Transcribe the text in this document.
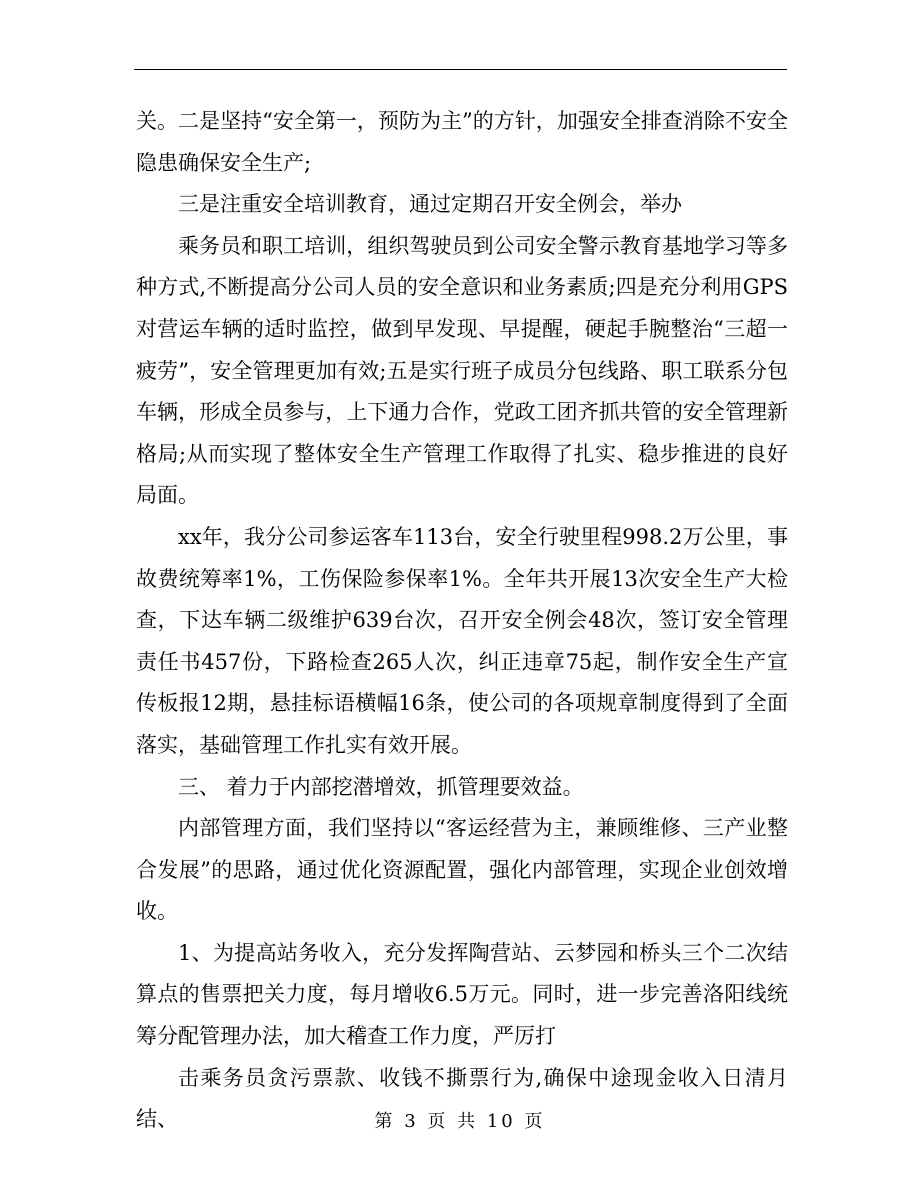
关。二是坚持“安全第一，预防为主”的方针，加强安全排查消除不安全隐患确保安全生产;

三是注重安全培训教育，通过定期召开安全例会，举办

乘务员和职工培训，组织驾驶员到公司安全警示教育基地学习等多种方式,不断提高分公司人员的安全意识和业务素质;四是充分利用GPS对营运车辆的适时监控，做到早发现、早提醒，硬起手腕整治“三超一疲劳”，安全管理更加有效;五是实行班子成员分包线路、职工联系分包车辆，形成全员参与，上下通力合作，党政工团齐抓共管的安全管理新格局;从而实现了整体安全生产管理工作取得了扎实、稳步推进的良好局面。

xx年，我分公司参运客车113台，安全行驶里程998.2万公里，事故费统筹率1%，工伤保险参保率1%。全年共开展13次安全生产大检查，下达车辆二级维护639台次，召开安全例会48次，签订安全管理责任书457份，下路检查265人次，纠正违章75起，制作安全生产宣传板报12期，悬挂标语横幅16条，使公司的各项规章制度得到了全面落实，基础管理工作扎实有效开展。

三、 着力于内部挖潜增效，抓管理要效益。

内部管理方面，我们坚持以“客运经营为主，兼顾维修、三产业整合发展”的思路，通过优化资源配置，强化内部管理，实现企业创效增收。

1、为提高站务收入，充分发挥陶营站、云梦园和桥头三个二次结算点的售票把关力度，每月增收6.5万元。同时，进一步完善洛阳线统筹分配管理办法，加大稽查工作力度，严厉打

击乘务员贪污票款、收钱不撕票行为,确保中途现金收入日清月结、	第 3 页 共 10 页
